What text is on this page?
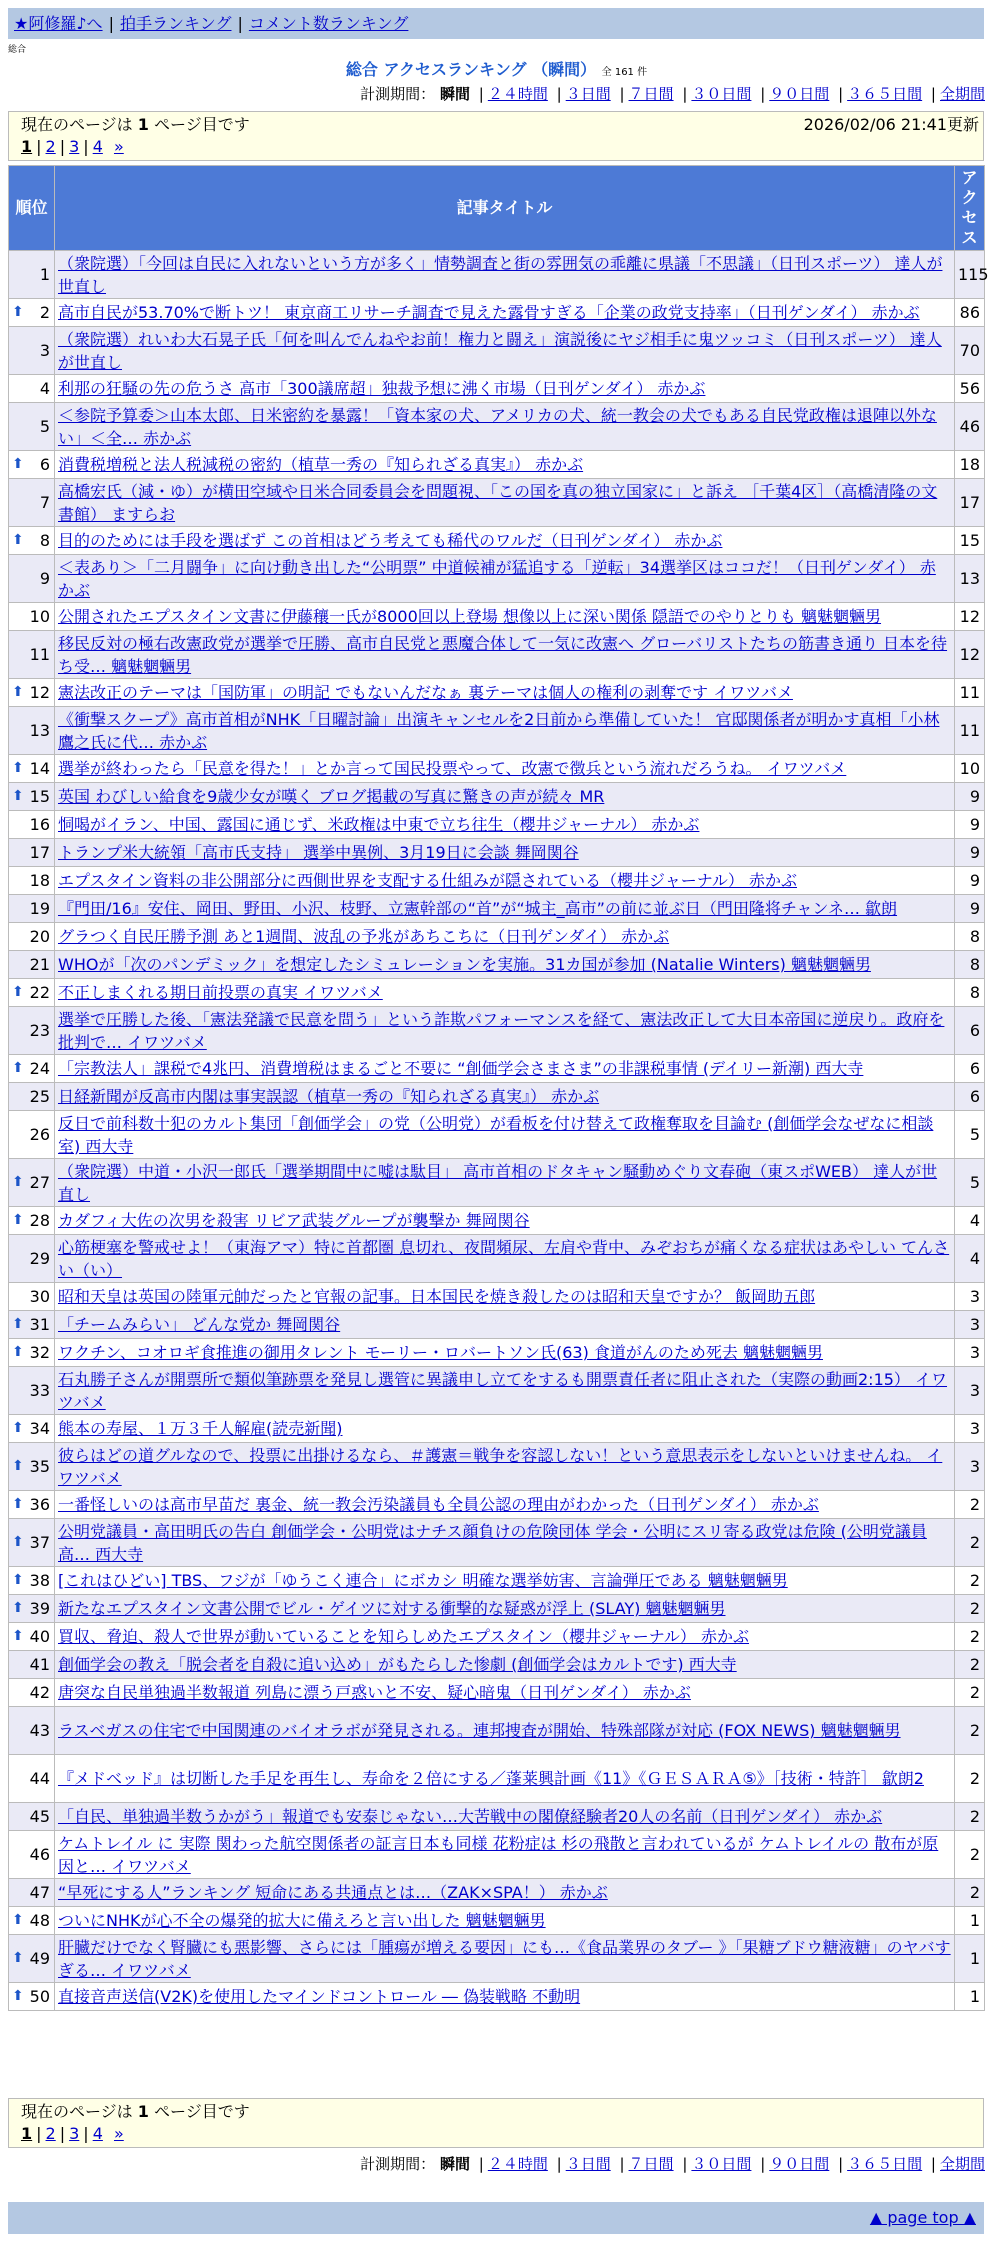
★阿修羅♪へ | 拍手ランキング | コメント数ランキング
総合
総合 アクセスランキング （瞬間） 全 161 件
計測期間： 瞬間 | ２４時間 | ３日間 | ７日間 | ３０日間 | ９０日間 | ３６５日間 | 全期間
現在のページは 1 ページ目です	2026/02/06 21:41更新
1 | 2 | 3 | 4 »
順位	記事タイトル	アクセス
1	（衆院選）「今回は自民に入れないという方が多く」情勢調査と街の雰囲気の乖離に県議「不思議」（日刊スポーツ） 達人が世直し	115

⬆ 2	高市自民が53.70%で断トツ！ 東京商工リサーチ調査で見えた露骨すぎる「企業の政党支持率」（日刊ゲンダイ） 赤かぶ	86
3	（衆院選）れいわ大石晃子氏「何を叫んでんねやお前！権力と闘え」演説後にヤジ相手に鬼ツッコミ（日刊スポーツ） 達人が世直し	70
4	利那の狂騒の先の危うさ 高市「300議席超」独裁予想に沸く市場（日刊ゲンダイ） 赤かぶ	56
5	＜参院予算委＞山本太郎、日米密約を暴露！「資本家の犬、アメリカの犬、統一教会の犬でもある自民党政権は退陣以外ない」＜全… 赤かぶ	46

⬆ 6	消費税増税と法人税減税の密約（植草一秀の『知られざる真実』） 赤かぶ	18
7	高橋宏氏（減・ゆ）が横田空域や日米合同委員会を問題視、「この国を真の独立国家に」と訴え ［千葉4区］（高橋清隆の文書館） ますらお	17

⬆ 8	目的のためには手段を選ばず この首相はどう考えても稀代のワルだ（日刊ゲンダイ） 赤かぶ	15
9	＜表あり＞「二月闘争」に向け動き出した“公明票” 中道候補が猛追する「逆転」34選挙区はココだ！（日刊ゲンダイ） 赤かぶ	13
10	公開されたエプスタイン文書に伊藤穰一氏が8000回以上登場 想像以上に深い関係 隠語でのやりとりも 魑魅魍魎男	12
11	移民反対の極右改憲政党が選挙で圧勝、高市自民党と悪魔合体して一気に改憲へ グローバリストたちの筋書き通り 日本を待ち受… 魑魅魍魎男	12

⬆ 12	憲法改正のテーマは「国防軍」の明記 でもないんだなぁ 裏テーマは個人の権利の剥奪です イワツバメ	11
13	《衝撃スクープ》高市首相がNHK「日曜討論」出演キャンセルを2日前から準備していた！ 官邸関係者が明かす真相「小林鷹之氏に代… 赤かぶ	11

⬆ 14	選挙が終わったら「民意を得た！」とか言って国民投票やって、改憲で徴兵という流れだろうね。 イワツバメ	10

⬆ 15	英国 わびしい給食を9歳少女が嘆く ブログ掲載の写真に驚きの声が続々 MR	9
16	恫喝がイラン、中国、露国に通じず、米政権は中東で立ち往生（櫻井ジャーナル） 赤かぶ	9
17	トランプ米大統領「高市氏支持」 選挙中異例、3月19日に会談 舞岡関谷	9
18	エプスタイン資料の非公開部分に西側世界を支配する仕組みが隠されている（櫻井ジャーナル） 赤かぶ	9
19	『門田/16』安住、岡田、野田、小沢、枝野、立憲幹部の“首”が“城主_高市”の前に並ぶ日（門田隆将チャンネ… 歙朗	9
20	グラつく自民圧勝予測 あと1週間、波乱の予兆があちこちに（日刊ゲンダイ） 赤かぶ	8
21	WHOが「次のパンデミック」を想定したシミュレーションを実施。31カ国が参加 (Natalie Winters) 魑魅魍魎男	8

⬆ 22	不正しまくれる期日前投票の真実 イワツバメ	8
23	選挙で圧勝した後、「憲法発議で民意を問う」という詐欺パフォーマンスを経て、憲法改正して大日本帝国に逆戻り。政府を批判で… イワツバメ	6

⬆ 24	「宗教法人」課税で4兆円、消費増税はまるごと不要に “創価学会さまさま”の非課税事情 (デイリー新潮) 西大寺	6
25	日経新聞が反高市内閣は事実誤認（植草一秀の『知られざる真実』） 赤かぶ	6
26	反日で前科数十犯のカルト集団「創価学会」の党（公明党）が看板を付け替えて政権奪取を目論む (創価学会なぜなに相談室) 西大寺	5

⬆ 27	（衆院選）中道・小沢一郎氏「選挙期間中に嘘は駄目」 高市首相のドタキャン騒動めぐり文春砲（東スポWEB） 達人が世直し	5

⬆ 28	カダフィ大佐の次男を殺害 リビア武装グループが襲撃か 舞岡関谷	4
29	心筋梗塞を警戒せよ！（東海アマ）特に首都圏 息切れ、夜間頻尿、左肩や背中、みぞおちが痛くなる症状はあやしい てんさい（い）	4
30	昭和天皇は英国の陸軍元帥だったと官報の記事。日本国民を焼き殺したのは昭和天皇ですか？ 飯岡助五郎	3

⬆ 31	「チームみらい」 どんな党か 舞岡関谷	3

⬆ 32	ワクチン、コオロギ食推進の御用タレント モーリー・ロバートソン氏(63) 食道がんのため死去 魑魅魍魎男	3
33	石丸勝子さんが開票所で類似筆跡票を発見し選管に異議申し立てをするも開票責任者に阻止された（実際の動画2:15） イワツバメ	3

⬆ 34	熊本の寿屋、１万３千人解雇(読売新聞)	3

⬆ 35	彼らはどの道グルなので、投票に出掛けるなら、＃護憲＝戦争を容認しない！という意思表示をしないといけませんね。 イワツバメ	3

⬆ 36	一番怪しいのは高市早苗だ 裏金、統一教会汚染議員も全員公認の理由がわかった（日刊ゲンダイ） 赤かぶ	2

⬆ 37	公明党議員・高田明氏の告白 創価学会・公明党はナチス顔負けの危険団体 学会・公明にスリ寄る政党は危険 (公明党議員 高… 西大寺	2

⬆ 38	[これはひどい] TBS、フジが「ゆうこく連合」にボカシ 明確な選挙妨害、言論弾圧である 魑魅魍魎男	2

⬆ 39	新たなエプスタイン文書公開でビル・ゲイツに対する衝撃的な疑惑が浮上 (SLAY) 魑魅魍魎男	2

⬆ 40	買収、脅迫、殺人で世界が動いていることを知らしめたエプスタイン（櫻井ジャーナル） 赤かぶ	2
41	創価学会の教え「脱会者を自殺に追い込め」がもたらした惨劇 (創価学会はカルトです) 西大寺	2
42	唐突な自民単独過半数報道 列島に漂う戸惑いと不安、疑心暗鬼（日刊ゲンダイ） 赤かぶ	2
43	ラスベガスの住宅で中国関連のバイオラボが発見される。連邦捜査が開始、特殊部隊が対応 (FOX NEWS) 魑魅魍魎男	2
44	『メドベッド』は切断した手足を再生し、寿命を２倍にする／蓬莱興計画《11》《ＧＥＳＡＲＡ⑤》［技術・特許］ 歙朗2	2
45	「自民、単独過半数うかがう」報道でも安泰じゃない…大苦戦中の閣僚経験者20人の名前（日刊ゲンダイ） 赤かぶ	2
46	ケムトレイル に 実際 関わった航空関係者の証言日本も同様 花粉症は 杉の飛散と言われているが ケムトレイルの 散布が原因と… イワツバメ	2
47	“早死にする人”ランキング 短命にある共通点とは…（ZAK×SPA！） 赤かぶ	2

⬆ 48	ついにNHKが心不全の爆発的拡大に備えろと言い出した 魑魅魍魎男	1

⬆ 49	肝臓だけでなく腎臓にも悪影響、さらには「腫瘍が増える要因」にも…《食品業界のタブー 》「果糖ブドウ糖液糖」のヤバすぎる… イワツバメ	1

⬆ 50	直接音声送信(V2K)を使用したマインドコントロール ― 偽装戦略 不動明	1
現在のページは 1 ページ目です
1 | 2 | 3 | 4 »
計測期間： 瞬間 | ２４時間 | ３日間 | ７日間 | ３０日間 | ９０日間 | ３６５日間 | 全期間
▲ page top ▲
